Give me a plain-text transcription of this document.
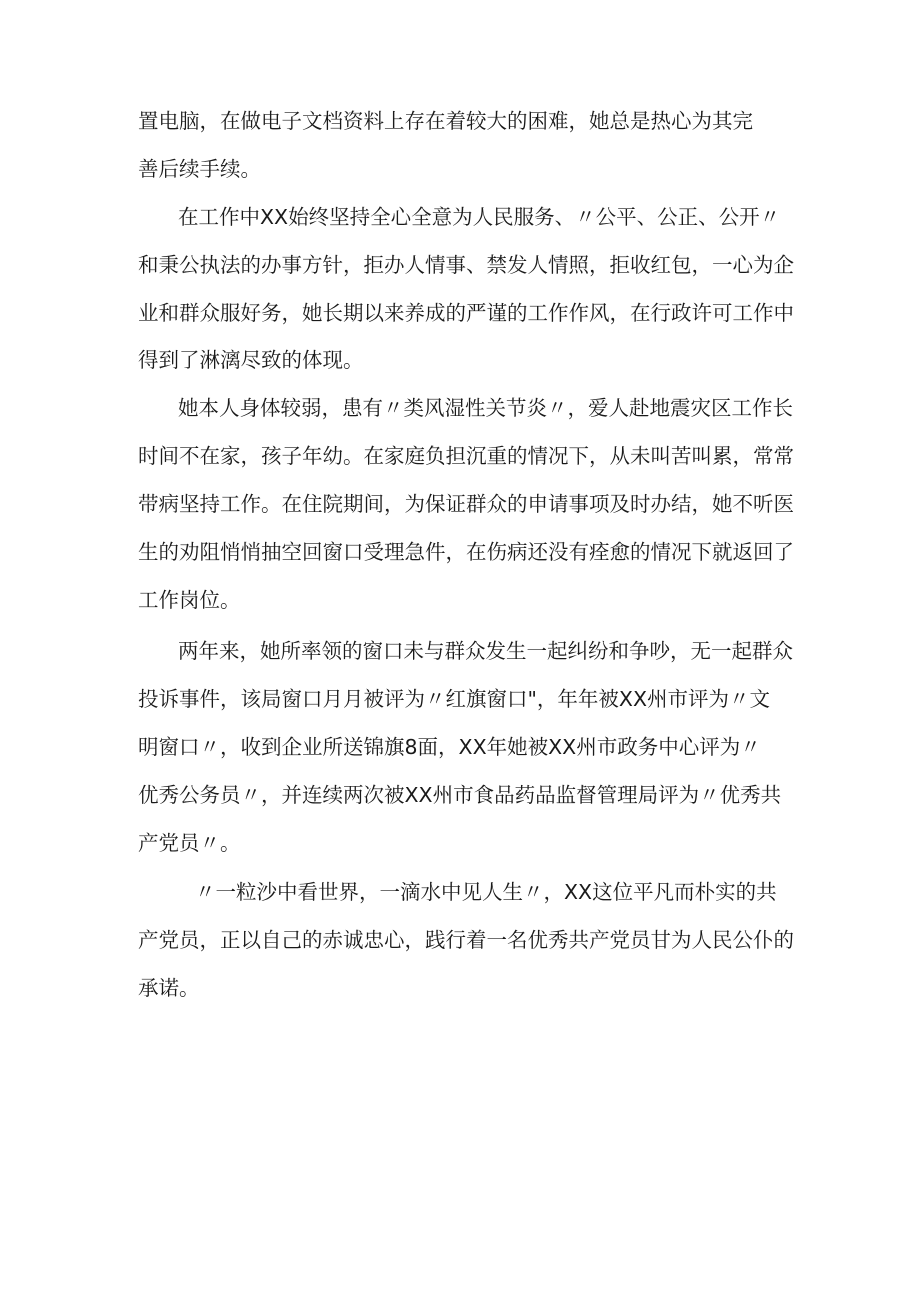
置电脑，在做电子文档资料上存在着较大的困难，她总是热心为其完
善后续手续。
在工作中XX始终坚持全心全意为人民服务、〃公平、公正、公开〃
和秉公执法的办事方针，拒办人情事、禁发人情照，拒收红包，一心为企
业和群众服好务，她长期以来养成的严谨的工作作风，在行政许可工作中
得到了淋漓尽致的体现。
她本人身体较弱，患有〃类风湿性关节炎〃，爱人赴地震灾区工作长
时间不在家，孩子年幼。在家庭负担沉重的情况下，从未叫苦叫累，常常
带病坚持工作。在住院期间，为保证群众的申请事项及时办结，她不听医
生的劝阻悄悄抽空回窗口受理急件，在伤病还没有痊愈的情况下就返回了
工作岗位。
两年来，她所率领的窗口未与群众发生一起纠纷和争吵，无一起群众
投诉事件，该局窗口月月被评为〃红旗窗口"，年年被XX州市评为〃文
明窗口〃，收到企业所送锦旗8面，XX年她被XX州市政务中心评为〃
优秀公务员〃，并连续两次被XX州市食品药品监督管理局评为〃优秀共
产党员〃。
〃一粒沙中看世界，一滴水中见人生〃，XX这位平凡而朴实的共
产党员，正以自己的赤诚忠心，践行着一名优秀共产党员甘为人民公仆的
承诺。
